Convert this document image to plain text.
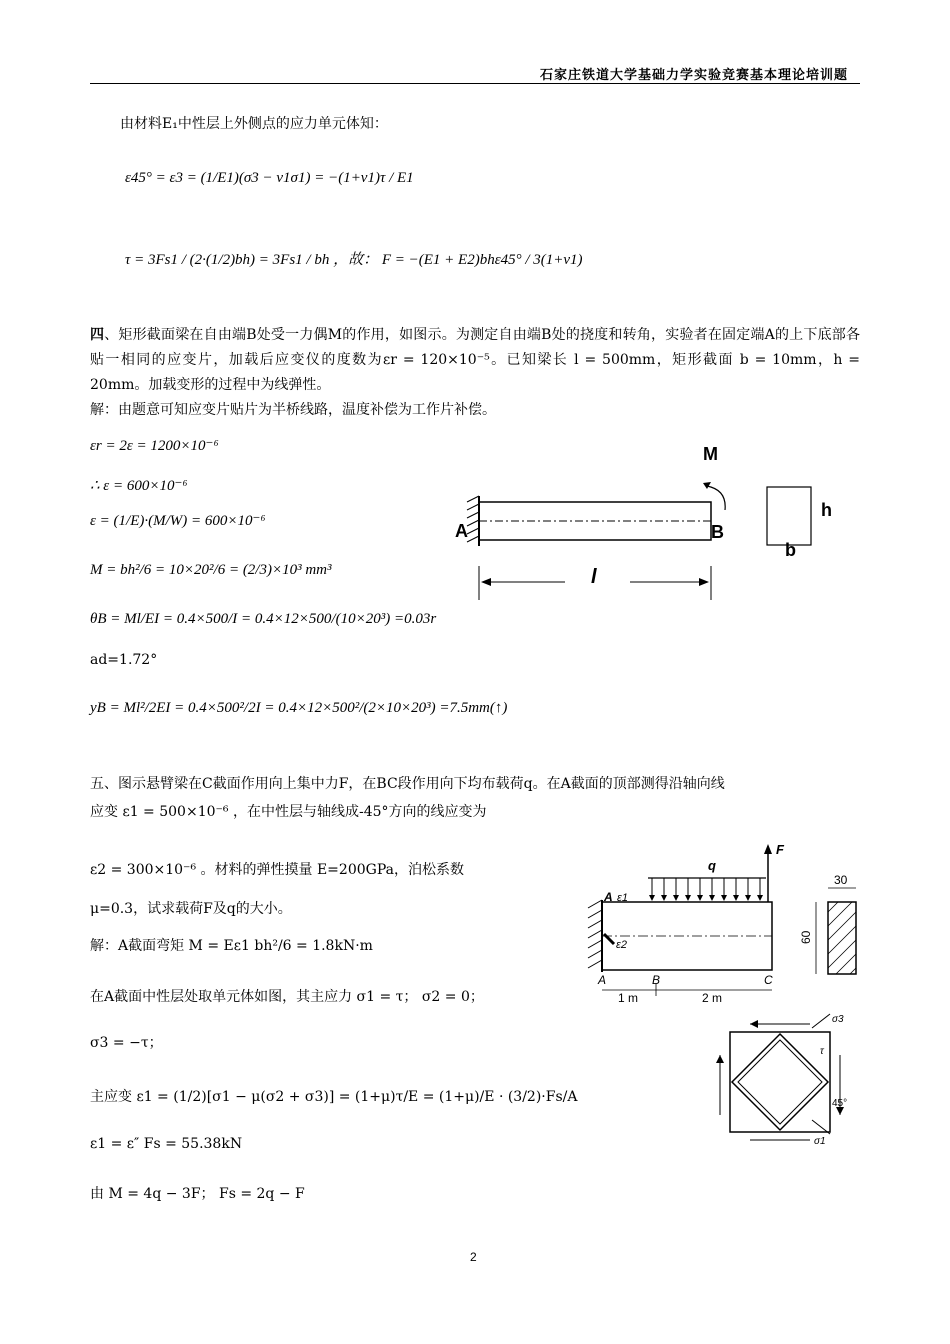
石家庄铁道大学基础力学实验竞赛基本理论培训题
由材料E₁中性层上外侧点的应力单元体知：
ε45° = ε3 = (1/E1)(σ3 − ν1σ1) = −(1+ν1)τ / E1
τ = 3Fs1 / (2·(1/2)bh) = 3Fs1 / bh ，故： F = −(E1 + E2)bhε45° / 3(1+ν1)
四、矩形截面梁在自由端B处受一力偶M的作用，如图示。为测定自由端B处的挠度和转角，实验者在固定端A的上下底部各贴一相同的应变片，加载后应变仪的度数为εr = 120×10⁻⁵。已知梁长 l = 500mm，矩形截面 b = 10mm，h = 20mm。加载变形的过程中为线弹性。
解：由题意可知应变片贴片为半桥线路，温度补偿为工作片补偿。
εr = 2ε = 1200×10⁻⁶
∴ ε = 600×10⁻⁶
ε = (1/E)·(M/W) = 600×10⁻⁶
M = bh²/6 = 10×20²/6 = (2/3)×10³ mm³
θB = Ml/EI = 0.4×500/I = 0.4×12×500/(10×20³) =0.03r
ad=1.72°
yB = Ml²/2EI = 0.4×500²/2I = 0.4×12×500²/(2×10×20³) =7.5mm(↑)
M
A	B
l
h
b
五、图示悬臂梁在C截面作用向上集中力F，在BC段作用向下均布载荷q。在A截面的顶部测得沿轴向线
应变 ε1 = 500×10⁻⁶ ，在中性层与轴线成-45°方向的线应变为
ε2 = 300×10⁻⁶ 。材料的弹性摸量 E=200GPa，泊松系数
μ=0.3，试求载荷F及q的大小。
解：A截面弯矩 M = Eε1 bh²/6 = 1.8kN·m
在A截面中性层处取单元体如图，其主应力 σ1 = τ； σ2 = 0；
σ3 = −τ；
主应变 ε1 = (1/2)[σ1 − μ(σ2 + σ3)] = (1+μ)τ/E = (1+μ)/E · (3/2)·Fs/A
ε1 = ε″ Fs = 55.38kN
由 M = 4q − 3F； Fs = 2q − F
q
F
A ε1
ε2
A	B	C
1 m	2 m
30
60
σ3
τ
45°
σ1
2
